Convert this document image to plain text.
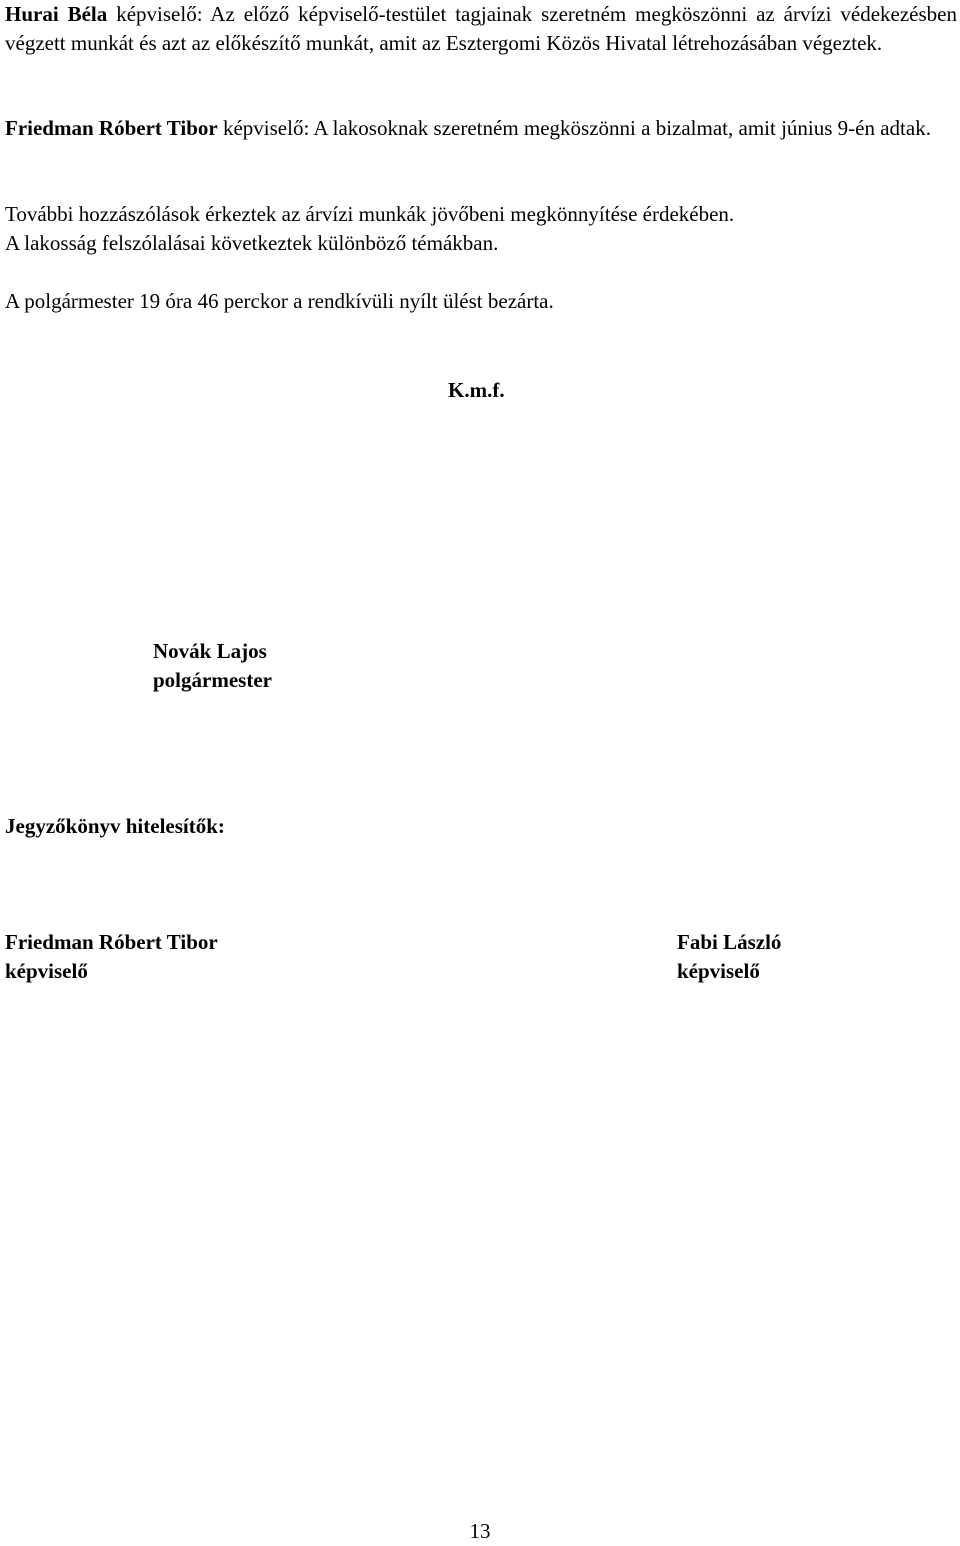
Hurai Béla képviselő: Az előző képviselő-testület tagjainak szeretném megköszönni az árvízi védekezésben végzett munkát és azt az előkészítő munkát, amit az Esztergomi Közös Hivatal létrehozásában végeztek.

Friedman Róbert Tibor képviselő: A lakosoknak szeretném megköszönni a bizalmat, amit június 9-én adtak.

További hozzászólások érkeztek az árvízi munkák jövőbeni megkönnyítése érdekében.

A lakosság felszólalásai következtek különböző témákban.

A polgármester 19 óra 46 perckor a rendkívüli nyílt ülést bezárta.

K.m.f.

Novák Lajos

polgármester

Jegyzőkönyv hitelesítők:

Friedman Róbert Tibor

képviselő

Fabi László

képviselő

13
